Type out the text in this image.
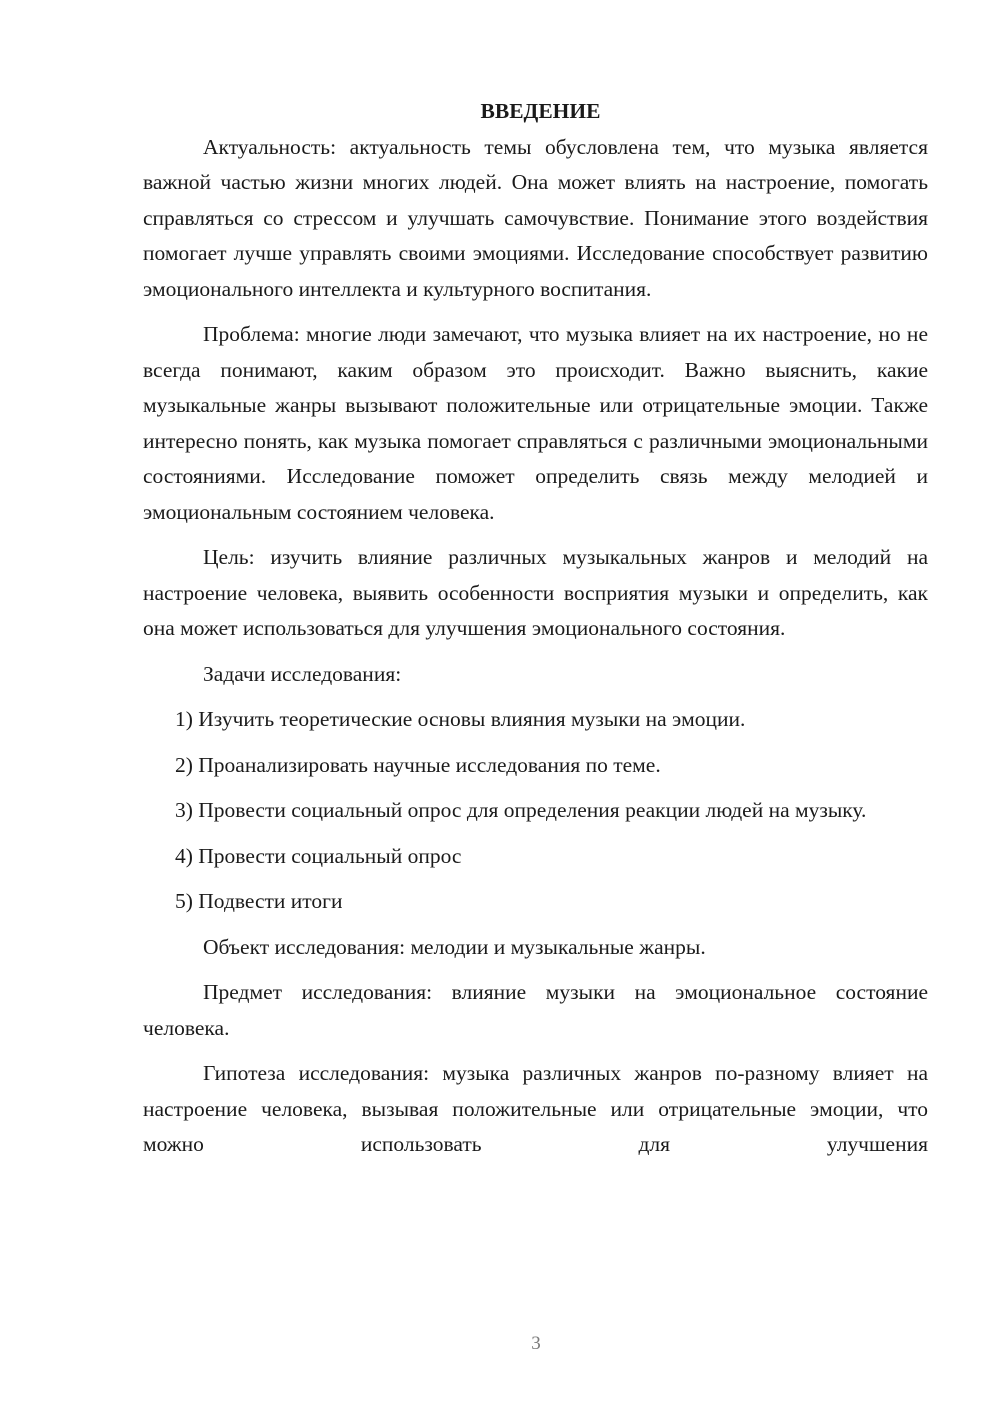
ВВЕДЕНИЕ

Актуальность: актуальность темы обусловлена тем, что музыка является важной частью жизни многих людей. Она может влиять на настроение, помогать справляться со стрессом и улучшать самочувствие. Понимание этого воздействия помогает лучше управлять своими эмоциями. Исследование способствует развитию эмоционального интеллекта и культурного воспитания.

Проблема: многие люди замечают, что музыка влияет на их настроение, но не всегда понимают, каким образом это происходит. Важно выяснить, какие музыкальные жанры вызывают положительные или отрицательные эмоции. Также интересно понять, как музыка помогает справляться с различными эмоциональными состояниями. Исследование поможет определить связь между мелодией и эмоциональным состоянием человека.

Цель: изучить влияние различных музыкальных жанров и мелодий на настроение человека, выявить особенности восприятия музыки и определить, как она может использоваться для улучшения эмоционального состояния.

Задачи исследования:

1) Изучить теоретические основы влияния музыки на эмоции.

2) Проанализировать научные исследования по теме.

3) Провести социальный опрос для определения реакции людей на музыку.

4) Провести социальный опрос

5) Подвести итоги

Объект исследования: мелодии и музыкальные жанры.

Предмет исследования: влияние музыки на эмоциональное состояние человека.

Гипотеза исследования: музыка различных жанров по-разному влияет на настроение человека, вызывая положительные или отрицательные эмоции, что можно использовать для улучшения

3
